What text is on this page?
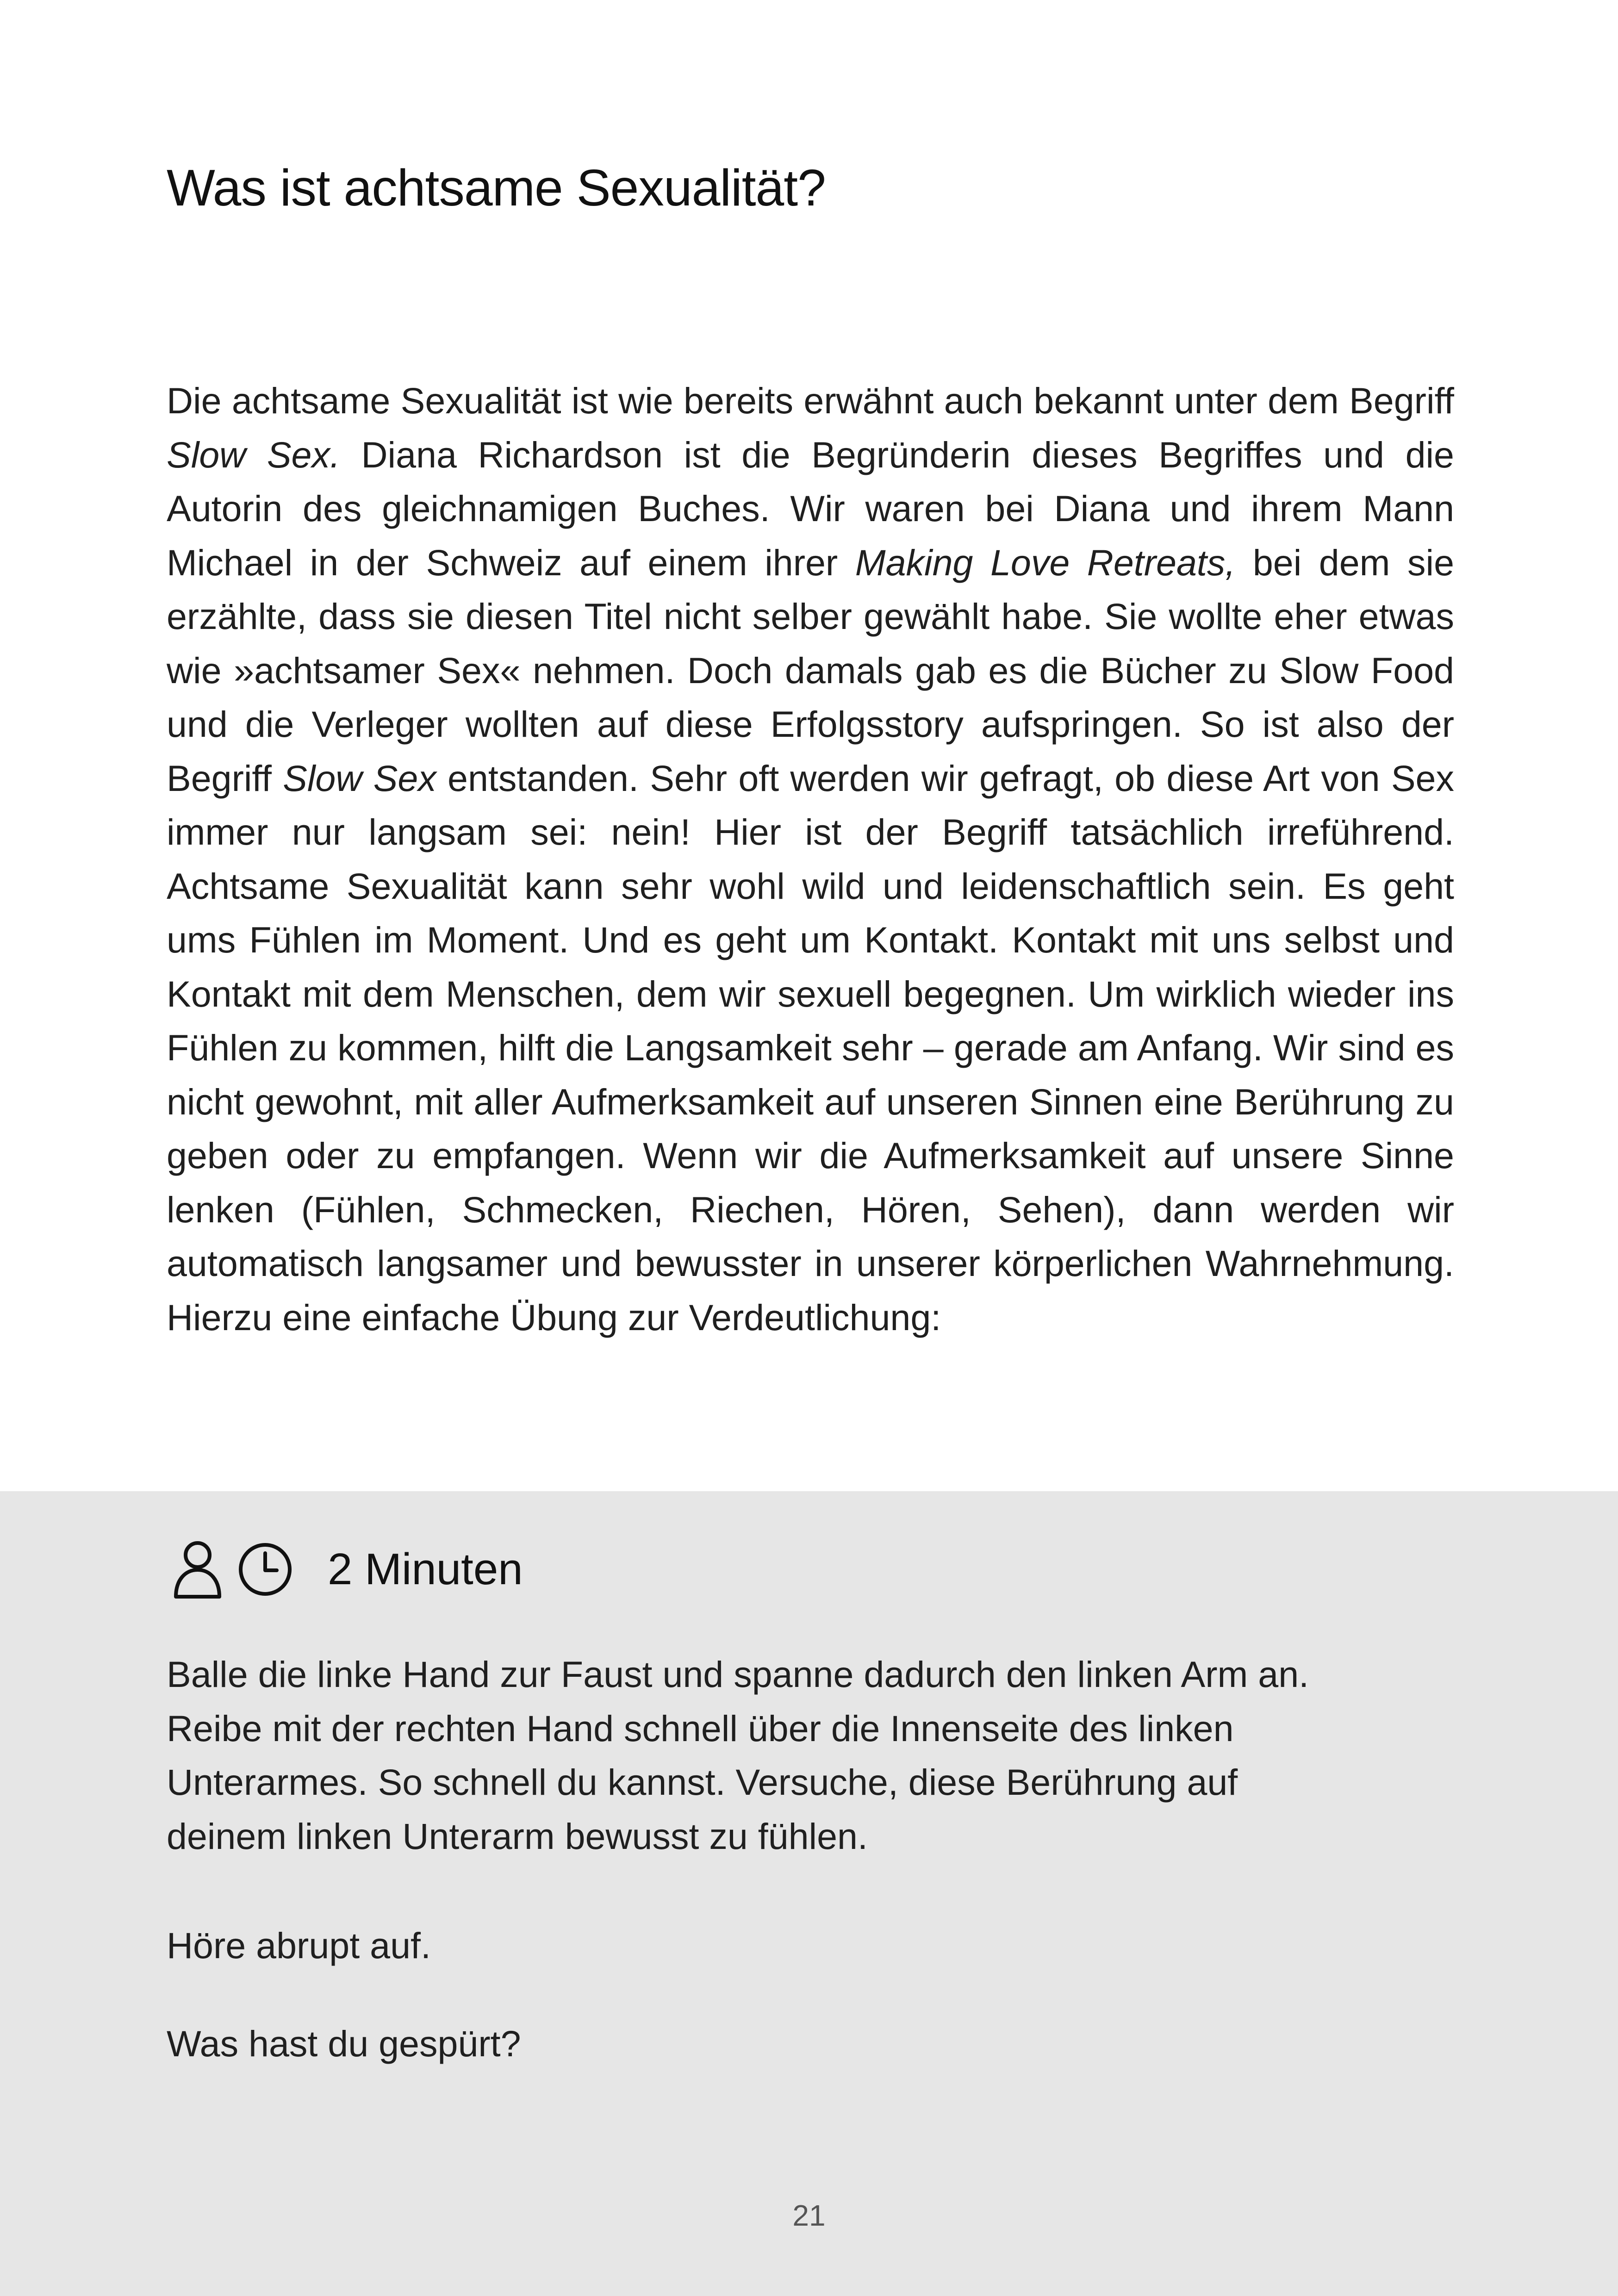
Was ist achtsame Sexualität?

Die achtsame Sexualität ist wie bereits erwähnt auch bekannt unter dem Begriff Slow Sex. Diana Richardson ist die Begründerin dieses Begriffes und die Autorin des gleichnamigen Buches. Wir waren bei Diana und ihrem Mann Michael in der Schweiz auf einem ihrer Making Love Retreats, bei dem sie erzählte, dass sie diesen Titel nicht selber gewählt habe. Sie wollte eher etwas wie »achtsamer Sex« nehmen. Doch damals gab es die Bücher zu Slow Food und die Verleger wollten auf diese Erfolgsstory aufspringen. So ist also der Begriff Slow Sex entstanden. Sehr oft werden wir gefragt, ob diese Art von Sex immer nur langsam sei: nein! Hier ist der Begriff tatsächlich irreführend. Achtsame Sexualität kann sehr wohl wild und leidenschaftlich sein. Es geht ums Fühlen im Moment. Und es geht um Kontakt. Kontakt mit uns selbst und Kontakt mit dem Menschen, dem wir sexuell begegnen. Um wirklich wieder ins Fühlen zu kommen, hilft die Langsamkeit sehr – gerade am Anfang. Wir sind es nicht gewohnt, mit aller Aufmerksamkeit auf unseren Sinnen eine Berührung zu geben oder zu empfangen. Wenn wir die Aufmerksamkeit auf unsere Sinne lenken (Fühlen, Schmecken, Riechen, Hören, Sehen), dann werden wir automatisch langsamer und bewusster in unserer körperlichen Wahrnehmung. Hierzu eine einfache Übung zur Verdeutlichung:

2 Minuten

Balle die linke Hand zur Faust und spanne dadurch den linken Arm an.
Reibe mit der rechten Hand schnell über die Innenseite des linken
Unterarmes. So schnell du kannst. Versuche, diese Berührung auf
deinem linken Unterarm bewusst zu fühlen.

Höre abrupt auf.

Was hast du gespürt?

21
